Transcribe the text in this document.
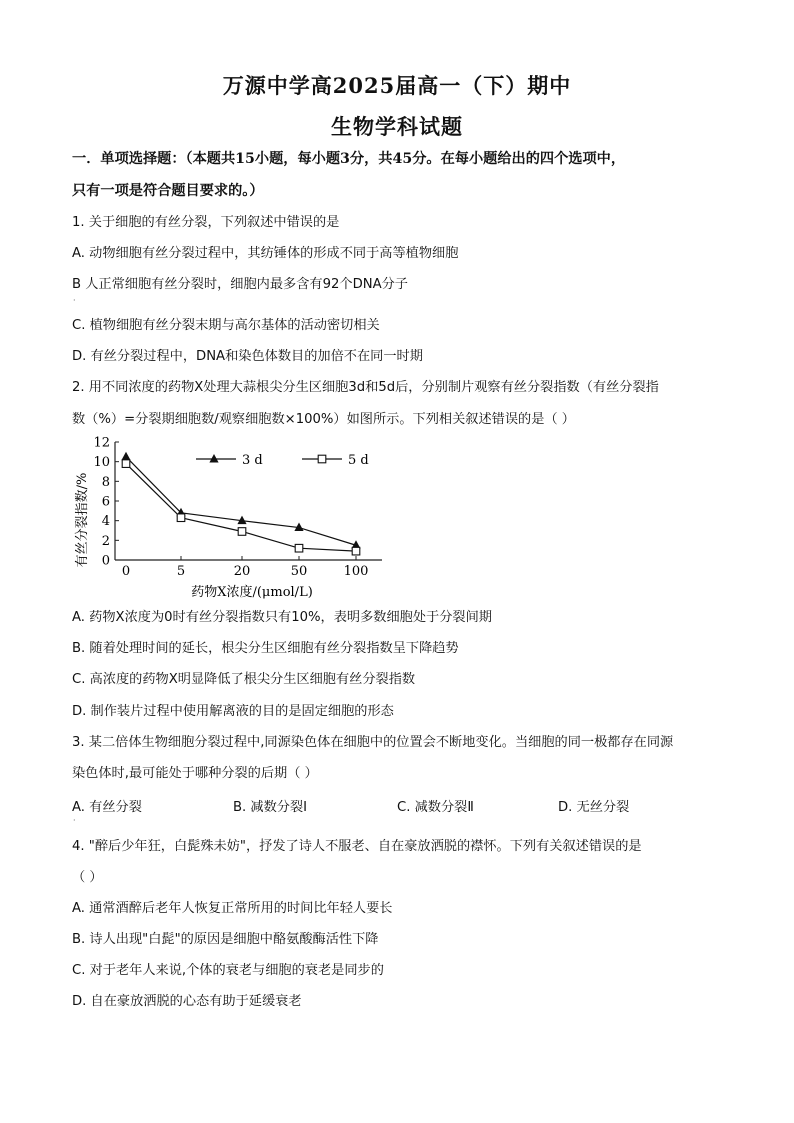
万源中学高2025届高一（下）期中
生物学科试题
一．单项选择题：（本题共15小题，每小题3分，共45分。在每小题给出的四个选项中，
只有一项是符合题目要求的。）
1. 关于细胞的有丝分裂，下列叙述中错误的是
A. 动物细胞有丝分裂过程中，其纺锤体的形成不同于高等植物细胞
B 人正常细胞有丝分裂时，细胞内最多含有92个DNA分子
·
C. 植物细胞有丝分裂末期与高尔基体的活动密切相关
D. 有丝分裂过程中，DNA和染色体数目的加倍不在同一时期
2. 用不同浓度的药物X处理大蒜根尖分生区细胞3d和5d后，分别制片观察有丝分裂指数（有丝分裂指
数（%）=分裂期细胞数/观察细胞数×100%）如图所示。下列相关叙述错误的是（ ）
0
2
4
6
8
10
12
0	5	20	50	100
3 d	5 d
有丝分裂指数/%
药物X浓度/(μmol/L)
A. 药物X浓度为0时有丝分裂指数只有10%，表明多数细胞处于分裂间期
B. 随着处理时间的延长，根尖分生区细胞有丝分裂指数呈下降趋势
C. 高浓度的药物X明显降低了根尖分生区细胞有丝分裂指数
D. 制作装片过程中使用解离液的目的是固定细胞的形态
3. 某二倍体生物细胞分裂过程中,同源染色体在细胞中的位置会不断地变化。当细胞的同一极都存在同源
染色体时,最可能处于哪种分裂的后期（ ）
A. 有丝分裂	B. 减数分裂Ⅰ	C. 减数分裂Ⅱ	D. 无丝分裂
·
4. "醉后少年狂，白髭殊未妨"，抒发了诗人不服老、自在豪放洒脱的襟怀。下列有关叙述错误的是
（ ）
A. 通常酒醉后老年人恢复正常所用的时间比年轻人要长
B. 诗人出现"白髭"的原因是细胞中酪氨酸酶活性下降
C. 对于老年人来说,个体的衰老与细胞的衰老是同步的
D. 自在豪放洒脱的心态有助于延缓衰老
